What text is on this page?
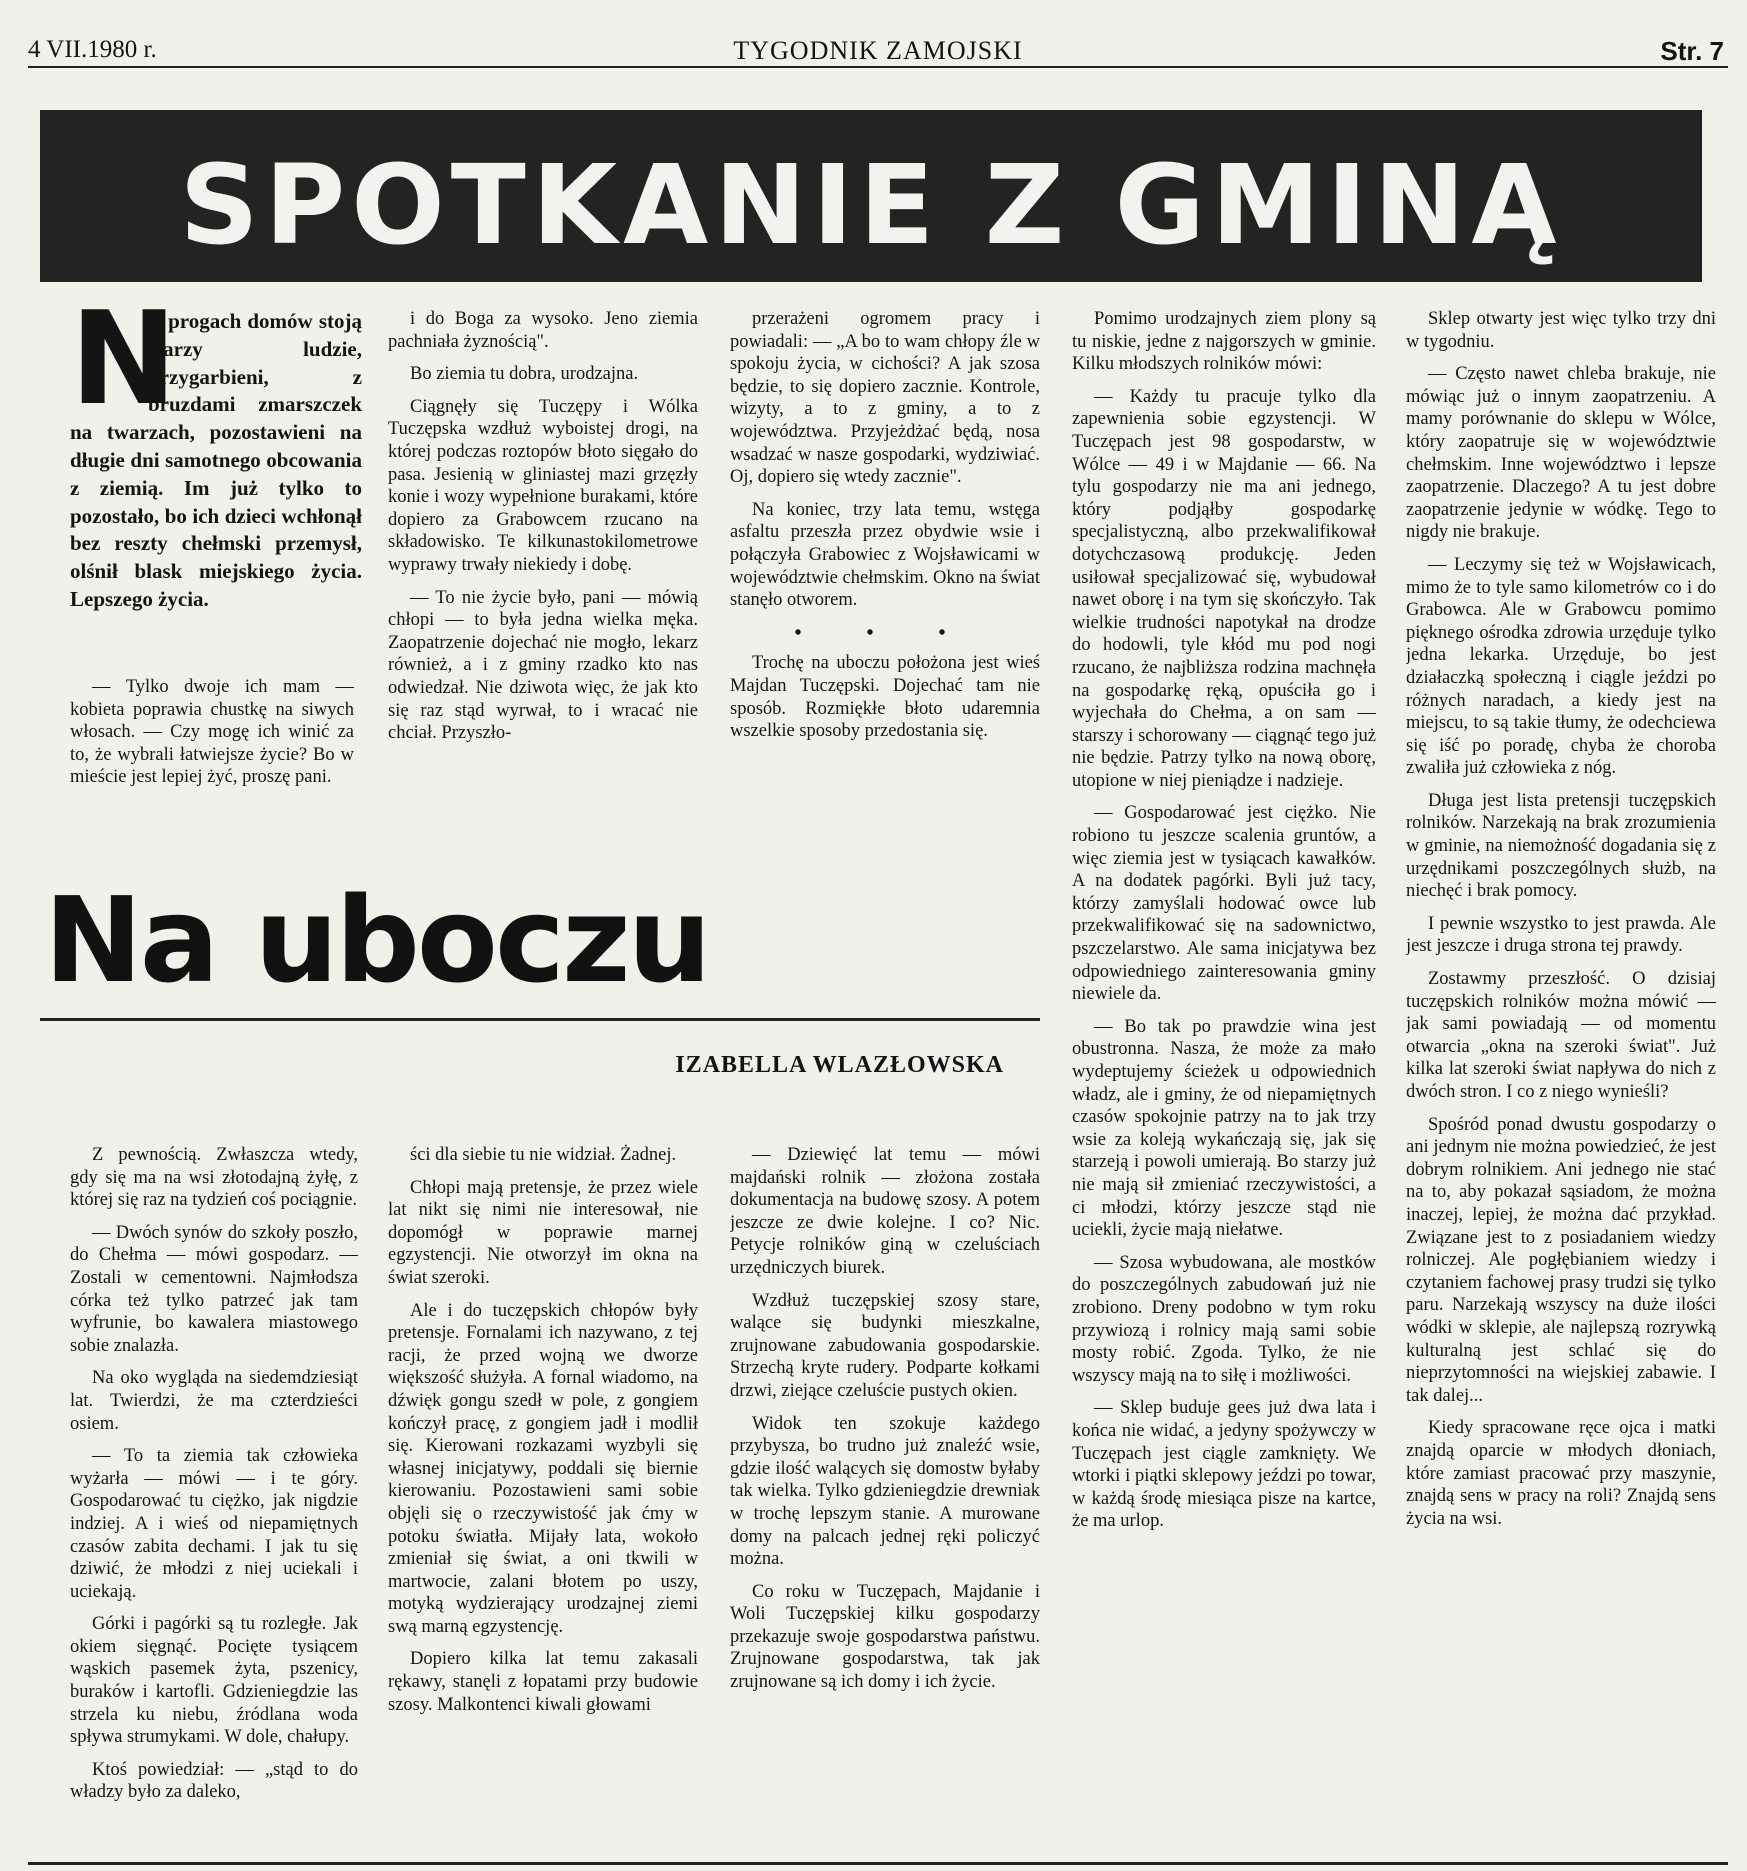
4 VII.1980 r.	TYGODNIK ZAMOJSKI	Str. 7
SPOTKANIE Z GMINĄ
N

A progach domów stoją starzy ludzie, przygarbieni, z bruzdami zmarszczek na twarzach, pozostawieni na długie dni samotnego obcowania z ziemią. Im już tylko to pozostało, bo ich dzieci wchłonął bez reszty chełmski przemysł, olśnił blask miejskiego życia. Lepszego życia.

— Tylko dwoje ich mam — kobieta poprawia chustkę na siwych włosach. — Czy mogę ich winić za to, że wybrali łatwiejsze życie? Bo w mieście jest lepiej żyć, proszę pani.

i do Boga za wysoko. Jeno ziemia pachniała żyznością".

Bo ziemia tu dobra, urodzajna.

Ciągnęły się Tuczępy i Wólka Tuczępska wzdłuż wyboistej drogi, na której podczas roztopów błoto sięgało do pasa. Jesienią w gliniastej mazi grzęzły konie i wozy wypełnione burakami, które dopiero za Grabowcem rzucano na składowisko. Te kilkunastokilometrowe wyprawy trwały niekiedy i dobę.

— To nie życie było, pani — mówią chłopi — to była jedna wielka męka. Zaopatrzenie dojechać nie mogło, lekarz również, a i z gminy rzadko kto nas odwiedzał. Nie dziwota więc, że jak kto się raz stąd wyrwał, to i wracać nie chciał. Przyszło-

przerażeni ogromem pracy i powiadali: — „A bo to wam chłopy źle w spokoju życia, w cichości? A jak szosa będzie, to się dopiero zacznie. Kontrole, wizyty, a to z gminy, a to z województwa. Przyjeżdżać będą, nosa wsadzać w nasze gospodarki, wydziwiać. Oj, dopiero się wtedy zacznie".

Na koniec, trzy lata temu, wstęga asfaltu przeszła przez obydwie wsie i połączyła Grabowiec z Wojsławicami w województwie chełmskim. Okno na świat stanęło otworem.

• • •

Trochę na uboczu położona jest wieś Majdan Tuczępski. Dojechać tam nie sposób. Rozmiękłe błoto udaremnia wszelkie sposoby przedostania się.

Na uboczu
IZABELLA WLAZŁOWSKA

Z pewnością. Zwłaszcza wtedy, gdy się ma na wsi złotodajną żyłę, z której się raz na tydzień coś pociągnie.

— Dwóch synów do szkoły poszło, do Chełma — mówi gospodarz. — Zostali w cementowni. Najmłodsza córka też tylko patrzeć jak tam wyfrunie, bo kawalera miastowego sobie znalazła.

Na oko wygląda na siedemdziesiąt lat. Twierdzi, że ma czterdzieści osiem.

— To ta ziemia tak człowieka wyżarła — mówi — i te góry. Gospodarować tu ciężko, jak nigdzie indziej. A i wieś od niepamiętnych czasów zabita dechami. I jak tu się dziwić, że młodzi z niej uciekali i uciekają.

Górki i pagórki są tu rozległe. Jak okiem sięgnąć. Pocięte tysiącem wąskich pasemek żyta, pszenicy, buraków i kartofli. Gdzieniegdzie las strzela ku niebu, źródlana woda spływa strumykami. W dole, chałupy.

Ktoś powiedział: — „stąd to do władzy było za daleko,

ści dla siebie tu nie widział. Żadnej.

Chłopi mają pretensje, że przez wiele lat nikt się nimi nie interesował, nie dopomógł w poprawie marnej egzystencji. Nie otworzył im okna na świat szeroki.

Ale i do tuczępskich chłopów były pretensje. Fornalami ich nazywano, z tej racji, że przed wojną we dworze większość służyła. A fornal wiadomo, na dźwięk gongu szedł w pole, z gongiem kończył pracę, z gongiem jadł i modlił się. Kierowani rozkazami wyzbyli się własnej inicjatywy, poddali się biernie kierowaniu. Pozostawieni sami sobie objęli się o rzeczywistość jak ćmy w potoku światła. Mijały lata, wokoło zmieniał się świat, a oni tkwili w martwocie, zalani błotem po uszy, motyką wydzierający urodzajnej ziemi swą marną egzystencję.

Dopiero kilka lat temu zakasali rękawy, stanęli z łopatami przy budowie szosy. Malkontenci kiwali głowami

— Dziewięć lat temu — mówi majdański rolnik — złożona została dokumentacja na budowę szosy. A potem jeszcze ze dwie kolejne. I co? Nic. Petycje rolników giną w czeluściach urzędniczych biurek.

Wzdłuż tuczępskiej szosy stare, walące się budynki mieszkalne, zrujnowane zabudowania gospodarskie. Strzechą kryte rudery. Podparte kołkami drzwi, ziejące czeluście pustych okien.

Widok ten szokuje każdego przybysza, bo trudno już znaleźć wsie, gdzie ilość walących się domostw byłaby tak wielka. Tylko gdzieniegdzie drewniak w trochę lepszym stanie. A murowane domy na palcach jednej ręki policzyć można.

Co roku w Tuczępach, Majdanie i Woli Tuczępskiej kilku gospodarzy przekazuje swoje gospodarstwa państwu. Zrujnowane gospodarstwa, tak jak zrujnowane są ich domy i ich życie.

Pomimo urodzajnych ziem plony są tu niskie, jedne z najgorszych w gminie. Kilku młodszych rolników mówi:

— Każdy tu pracuje tylko dla zapewnienia sobie egzystencji. W Tuczępach jest 98 gospodarstw, w Wólce — 49 i w Majdanie — 66. Na tylu gospodarzy nie ma ani jednego, który podjąłby gospodarkę specjalistyczną, albo przekwalifikował dotychczasową produkcję. Jeden usiłował specjalizować się, wybudował nawet oborę i na tym się skończyło. Tak wielkie trudności napotykał na drodze do hodowli, tyle kłód mu pod nogi rzucano, że najbliższa rodzina machnęła na gospodarkę ręką, opuściła go i wyjechała do Chełma, a on sam — starszy i schorowany — ciągnąć tego już nie będzie. Patrzy tylko na nową oborę, utopione w niej pieniądze i nadzieje.

— Gospodarować jest ciężko. Nie robiono tu jeszcze scalenia gruntów, a więc ziemia jest w tysiącach kawałków. A na dodatek pagórki. Byli już tacy, którzy zamyślali hodować owce lub przekwalifikować się na sadownictwo, pszczelarstwo. Ale sama inicjatywa bez odpowiedniego zainteresowania gminy niewiele da.

— Bo tak po prawdzie wina jest obustronna. Nasza, że może za mało wydeptujemy ścieżek u odpowiednich władz, ale i gminy, że od niepamiętnych czasów spokojnie patrzy na to jak trzy wsie za koleją wykańczają się, jak się starzeją i powoli umierają. Bo starzy już nie mają sił zmieniać rzeczywistości, a ci młodzi, którzy jeszcze stąd nie uciekli, życie mają niełatwe.

— Szosa wybudowana, ale mostków do poszczególnych zabudowań już nie zrobiono. Dreny podobno w tym roku przywiozą i rolnicy mają sami sobie mosty robić. Zgoda. Tylko, że nie wszyscy mają na to siłę i możliwości.

— Sklep buduje gees już dwa lata i końca nie widać, a jedyny spożywczy w Tuczępach jest ciągle zamknięty. We wtorki i piątki sklepowy jeździ po towar, w każdą środę miesiąca pisze na kartce, że ma urlop.

Sklep otwarty jest więc tylko trzy dni w tygodniu.

— Często nawet chleba brakuje, nie mówiąc już o innym zaopatrzeniu. A mamy porównanie do sklepu w Wólce, który zaopatruje się w województwie chełmskim. Inne województwo i lepsze zaopatrzenie. Dlaczego? A tu jest dobre zaopatrzenie jedynie w wódkę. Tego to nigdy nie brakuje.

— Leczymy się też w Wojsławicach, mimo że to tyle samo kilometrów co i do Grabowca. Ale w Grabowcu pomimo pięknego ośrodka zdrowia urzęduje tylko jedna lekarka. Urzęduje, bo jest działaczką społeczną i ciągle jeździ po różnych naradach, a kiedy jest na miejscu, to są takie tłumy, że odechciewa się iść po poradę, chyba że choroba zwaliła już człowieka z nóg.

Długa jest lista pretensji tuczępskich rolników. Narzekają na brak zrozumienia w gminie, na niemożność dogadania się z urzędnikami poszczególnych służb, na niechęć i brak pomocy.

I pewnie wszystko to jest prawda. Ale jest jeszcze i druga strona tej prawdy.

Zostawmy przeszłość. O dzisiaj tuczępskich rolników można mówić — jak sami powiadają — od momentu otwarcia „okna na szeroki świat". Już kilka lat szeroki świat napływa do nich z dwóch stron. I co z niego wynieśli?

Spośród ponad dwustu gospodarzy o ani jednym nie można powiedzieć, że jest dobrym rolnikiem. Ani jednego nie stać na to, aby pokazał sąsiadom, że można inaczej, lepiej, że można dać przykład. Związane jest to z posiadaniem wiedzy rolniczej. Ale pogłębianiem wiedzy i czytaniem fachowej prasy trudzi się tylko paru. Narzekają wszyscy na duże ilości wódki w sklepie, ale najlepszą rozrywką kulturalną jest schlać się do nieprzytomności na wiejskiej zabawie. I tak dalej...

Kiedy spracowane ręce ojca i matki znajdą oparcie w młodych dłoniach, które zamiast pracować przy maszynie, znajdą sens w pracy na roli? Znajdą sens życia na wsi.
